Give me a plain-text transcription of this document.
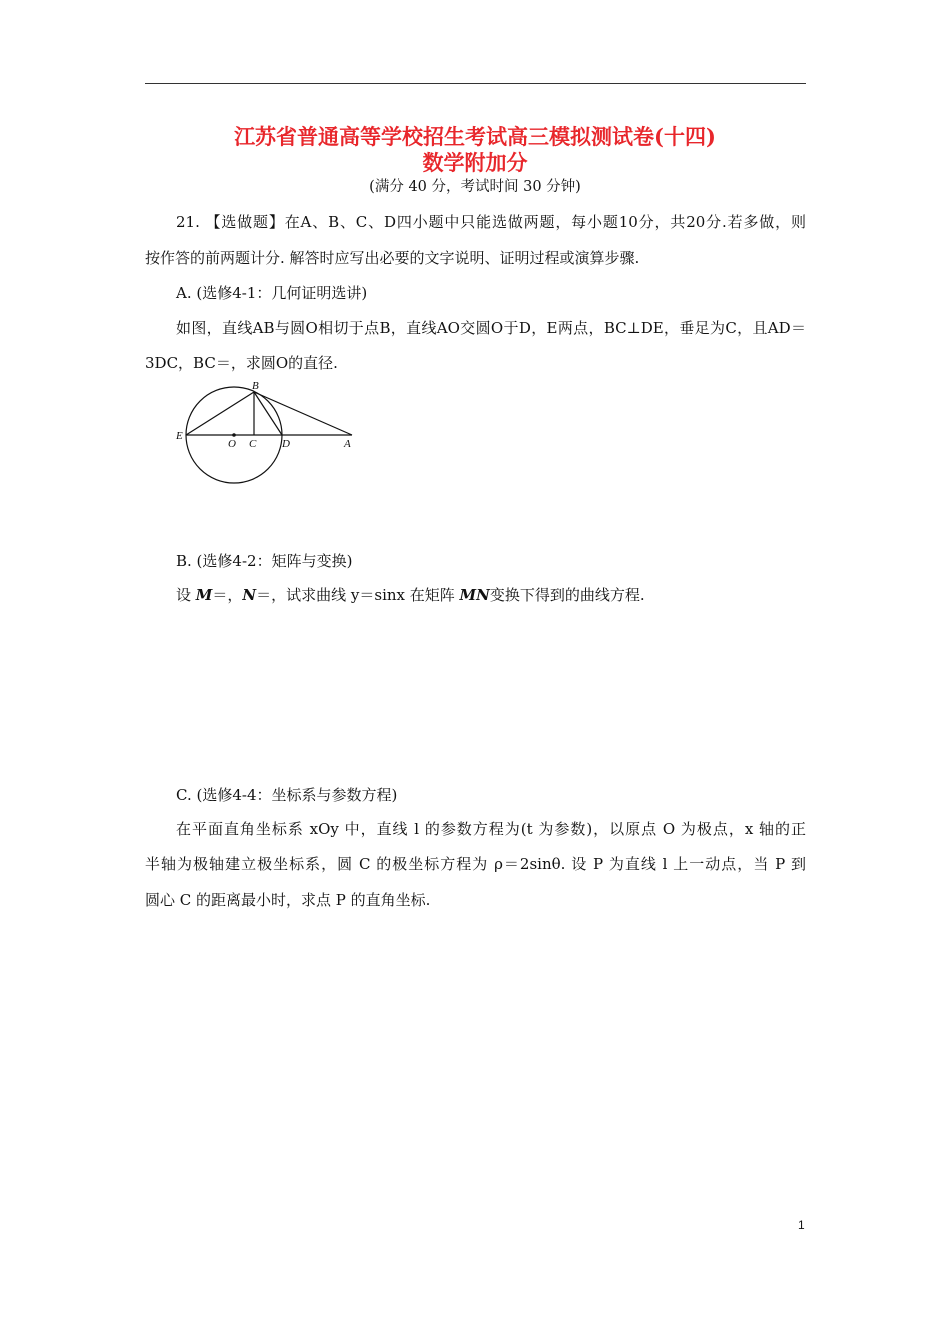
江苏省普通高等学校招生考试高三模拟测试卷(十四)
数学附加分
(满分 40 分，考试时间 30 分钟)
21. 【选做题】在A、B、C、D四小题中只能选做两题，每小题10分，共20分.若多做，则
按作答的前两题计分. 解答时应写出必要的文字说明、证明过程或演算步骤.
A. (选修4-1：几何证明选讲)
如图，直线AB与圆O相切于点B，直线AO交圆O于D，E两点，BC⊥DE，垂足为C，且AD＝
3DC，BC＝，求圆O的直径.
B
E
O C D	A
B. (选修4-2：矩阵与变换)
设 M＝，N＝，试求曲线 y＝sinx 在矩阵 MN变换下得到的曲线方程.
C. (选修4-4：坐标系与参数方程)
在平面直角坐标系 xOy 中，直线 l 的参数方程为(t 为参数)，以原点 O 为极点，x 轴的正
半轴为极轴建立极坐标系，圆 C 的极坐标方程为 ρ＝2sinθ. 设 P 为直线 l 上一动点，当 P 到
圆心 C 的距离最小时，求点 P 的直角坐标.
1
